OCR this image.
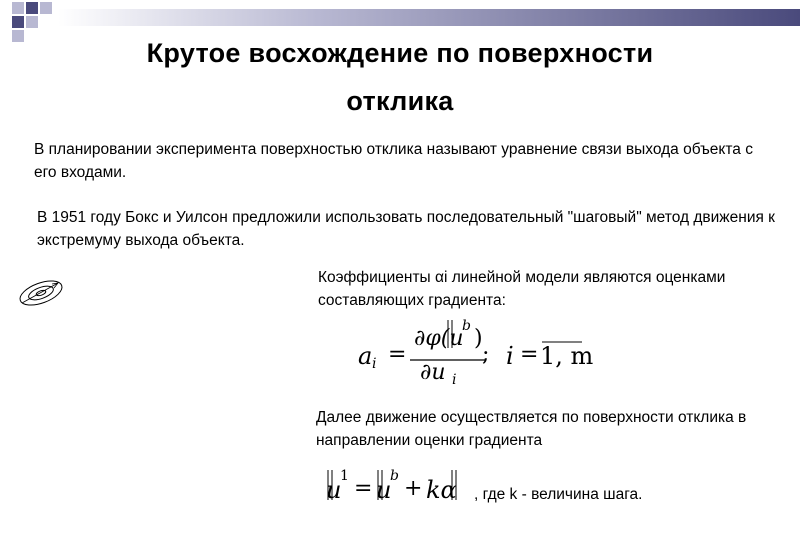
Крутое восхождение по поверхности
отклика
В планировании эксперимента поверхностью отклика называют уравнение связи выхода объекта с его входами.
В 1951 году Бокс и Уилсон предложили использовать последовательный "шаговый" метод движения к экстремуму выхода объекта.
Коэффициенты αi линейной модели являются оценками составляющих градиента:
Далее движение осуществляется по поверхности отклика в направлении оценки градиента
a i =
∂φ(u
b )
∂u i
; i = 1, m
u
1 = u
b + kα , где k - величина шага.
